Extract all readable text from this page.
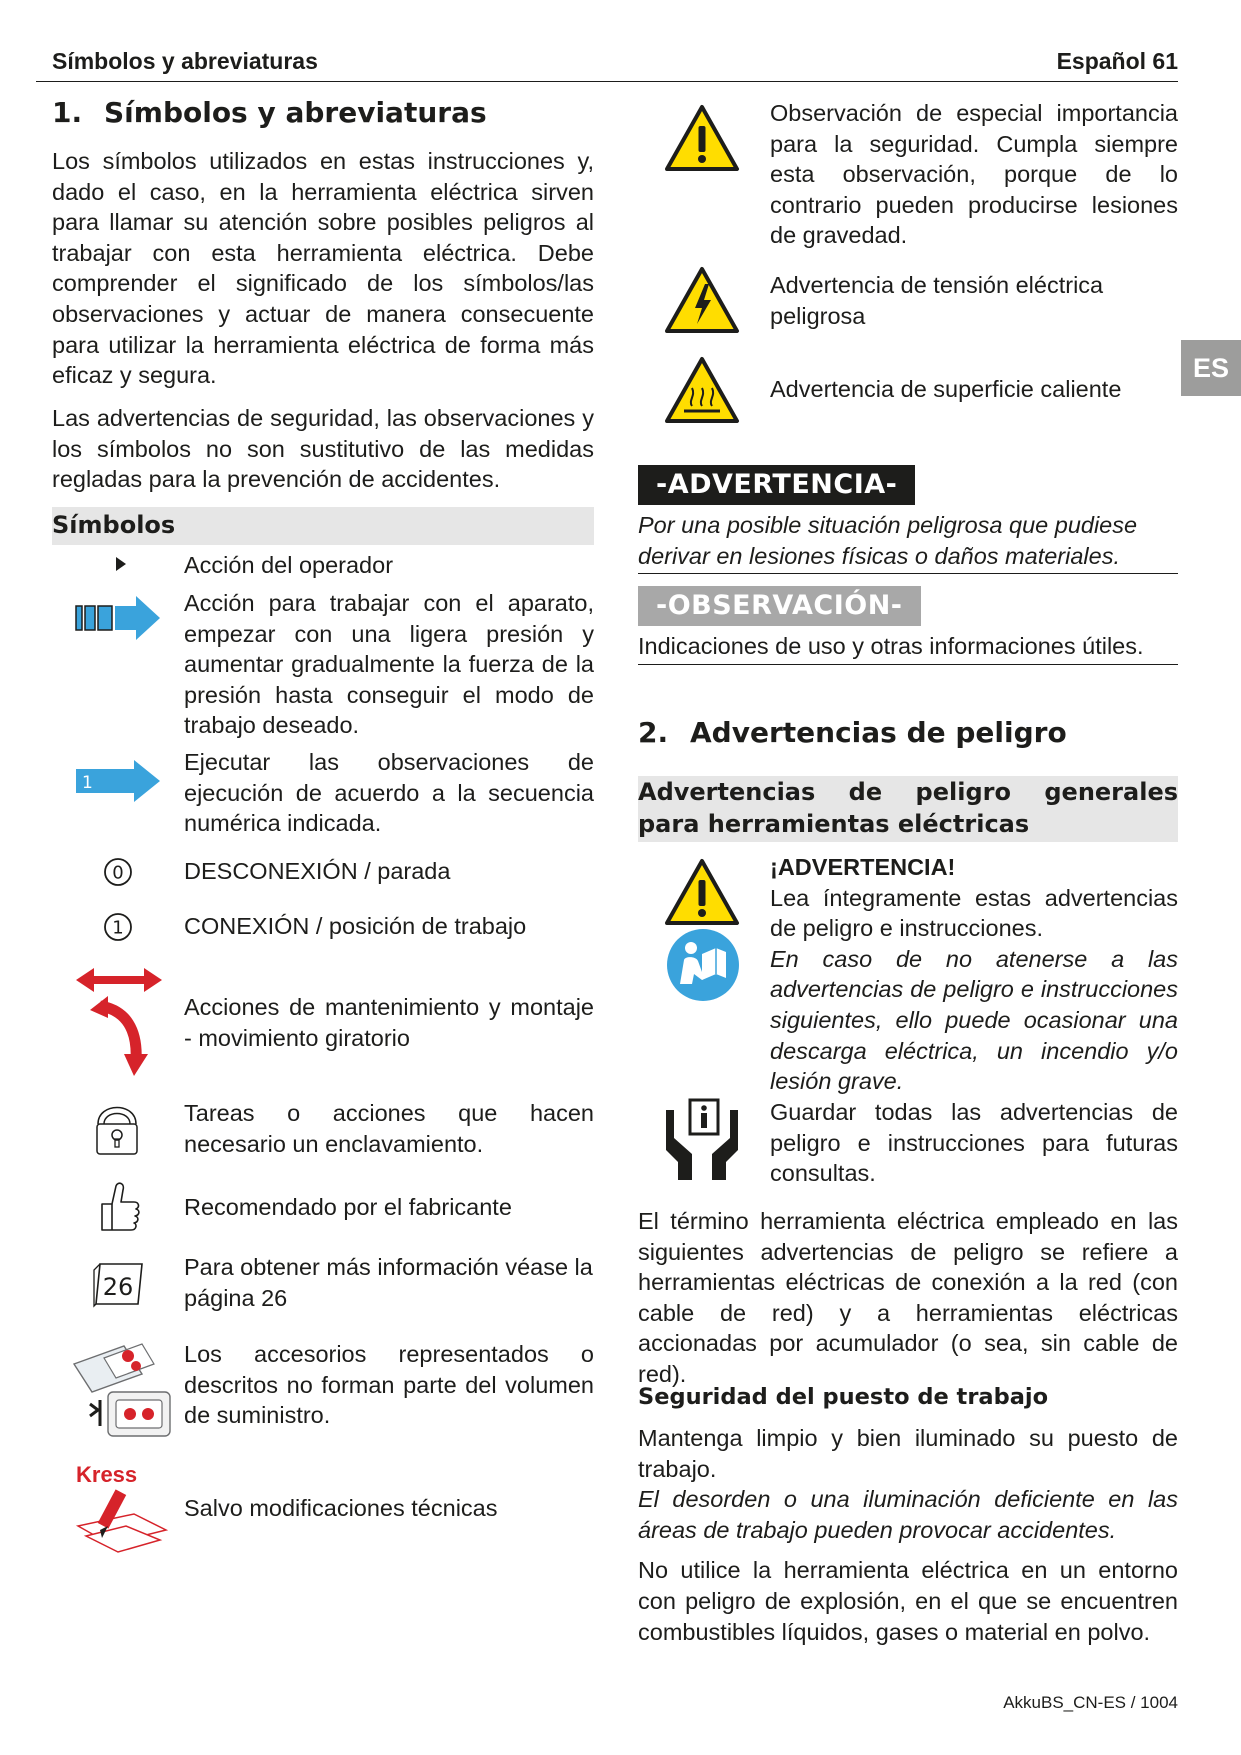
Símbolos y abreviaturas	Español 61
ES
1. Símbolos y abreviaturas
Los símbolos utilizados en estas instrucciones y, dado el caso, en la herramienta eléctrica sirven para llamar su atención sobre posibles peligros al trabajar con esta herramienta eléctrica. Debe comprender el significado de los símbolos/las observaciones y actuar de manera consecuente para utilizar la herramienta eléctrica de forma más eficaz y segura.
Las advertencias de seguridad, las observaciones y los símbolos no son sustitutivo de las medidas regladas para la prevención de accidentes.
Símbolos
Acción del operador
Acción para trabajar con el aparato, empezar con una ligera presión y aumentar gradualmente la fuerza de la presión hasta conseguir el modo de trabajo deseado.
1
Ejecutar las observaciones de ejecución de acuerdo a la secuencia numérica indicada.
0	DESCONEXIÓN / parada
1	CONEXIÓN / posición de trabajo
Acciones de mantenimiento y montaje - movimiento giratorio
Tareas o acciones que hacen necesario un enclavamiento.
Recomendado por el fabricante
26
Para obtener más información véase la página 26
Los accesorios representados o descritos no forman parte del volumen de suministro.
Kress
Salvo modificaciones técnicas
Observación de especial importancia para la seguridad. Cumpla siempre esta observación, porque de lo contrario pueden producirse lesiones de gravedad.
Advertencia de tensión eléctrica peligrosa
Advertencia de superficie caliente
-ADVERTENCIA-
Por una posible situación peligrosa que pudiese derivar en lesiones físicas o daños materiales.
-OBSERVACIÓN-
Indicaciones de uso y otras informaciones útiles.
2. Advertencias de peligro
Advertencias de peligro generales
para herramientas eléctricas
¡ADVERTENCIA!
Lea íntegramente estas advertencias de peligro e instrucciones.
En caso de no atenerse a las advertencias de peligro e instrucciones siguientes, ello puede ocasionar una descarga eléctrica, un incendio y/o lesión grave.
Guardar todas las advertencias de peligro e instrucciones para futuras consultas.
El término herramienta eléctrica empleado en las siguientes advertencias de peligro se refiere a herramientas eléctricas de conexión a la red (con cable de red) y a herramientas eléctricas accionadas por acumulador (o sea, sin cable de red).
Seguridad del puesto de trabajo
Mantenga limpio y bien iluminado su puesto de trabajo.
El desorden o una iluminación deficiente en las áreas de trabajo pueden provocar accidentes.
No utilice la herramienta eléctrica en un entorno con peligro de explosión, en el que se encuentren combustibles líquidos, gases o material en polvo.
AkkuBS_CN-ES / 1004
